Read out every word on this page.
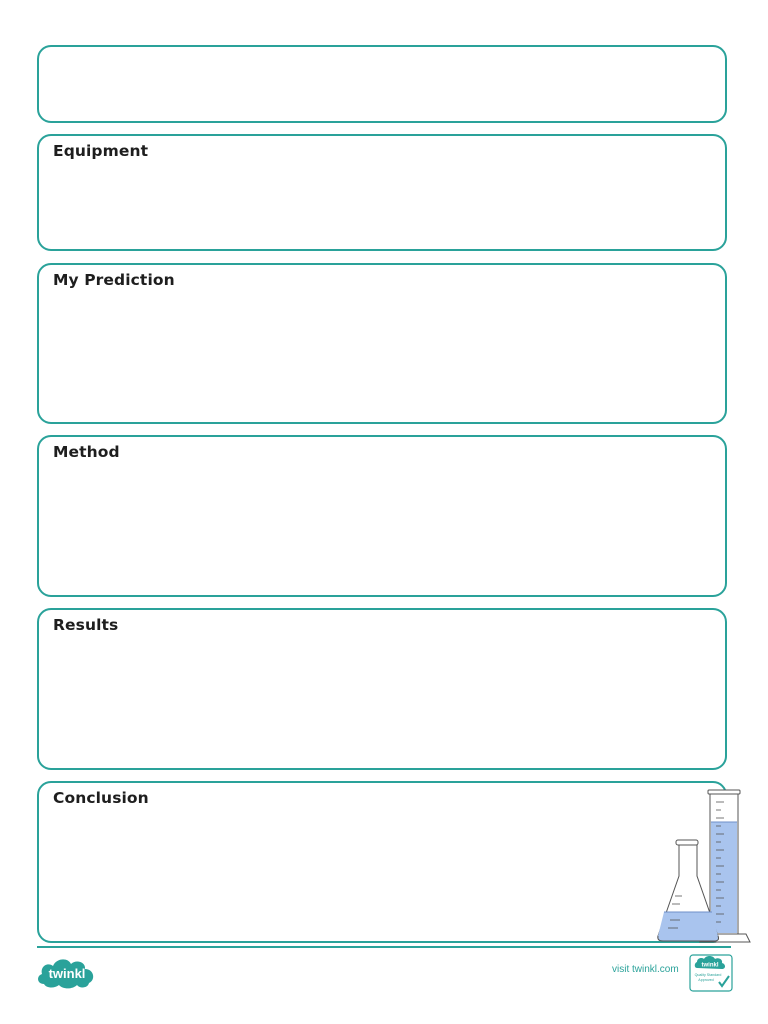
Equipment
My Prediction
Method
Results
Conclusion
twinkl	visit twinkl.com	twinkl
Quality Standard
Approved
